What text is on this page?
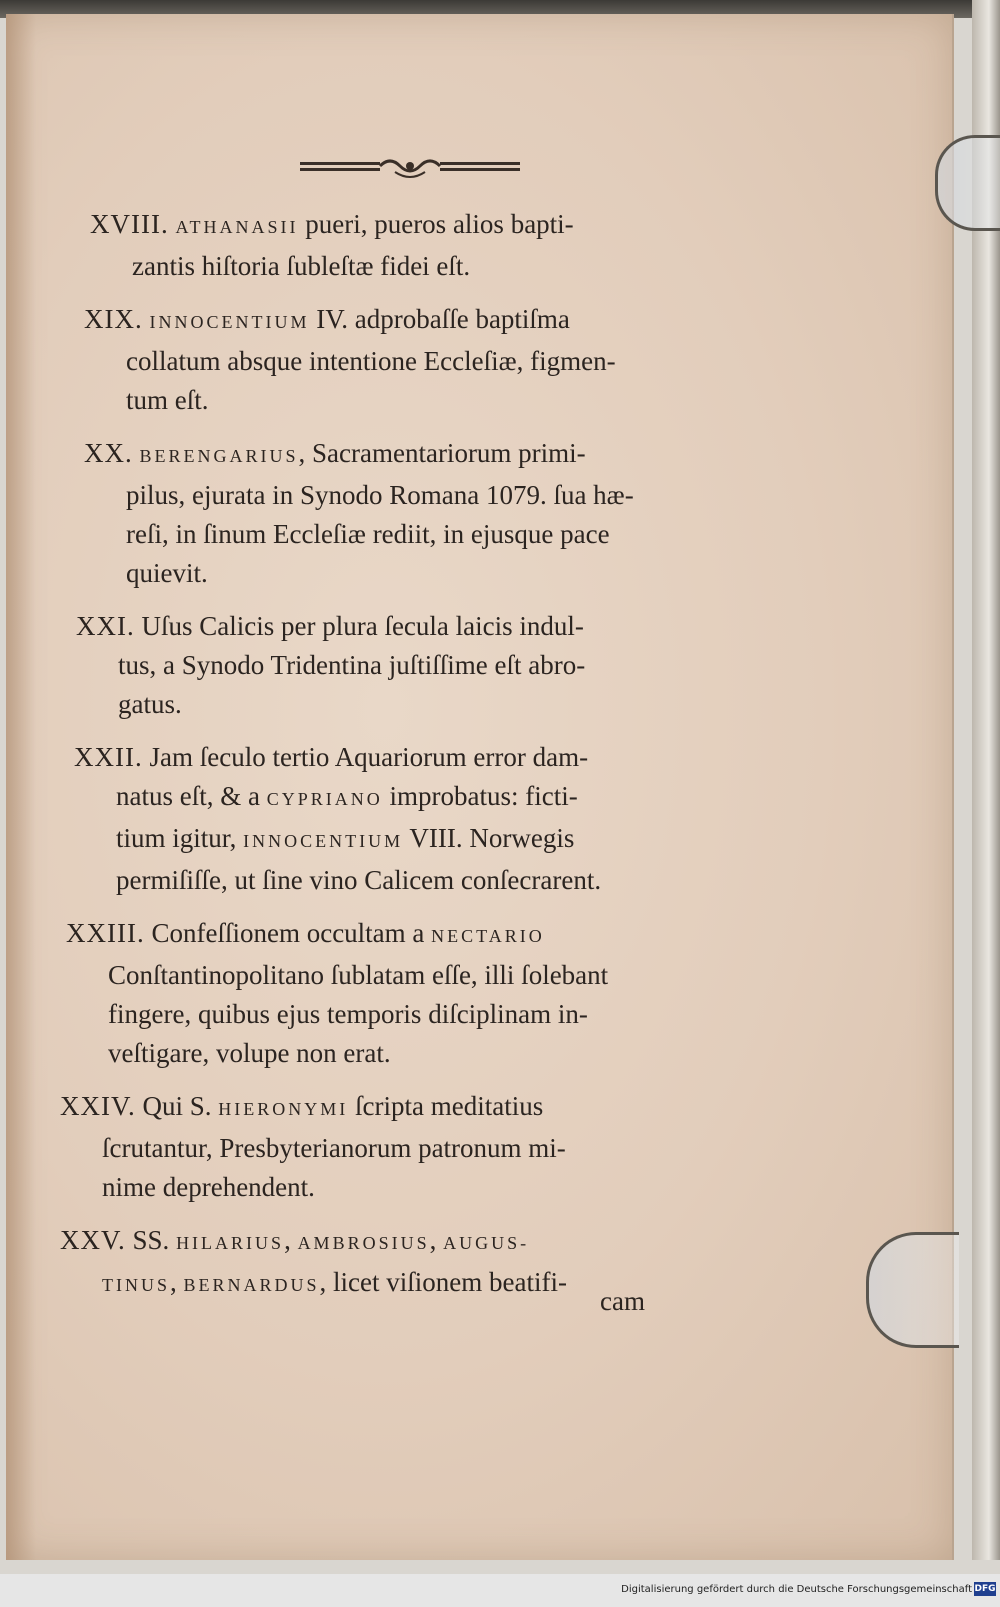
XVIII. ATHANASII pueri, pueros alios bapti-
zantis hiſtoria ſubleſtæ fidei eſt.
XIX. INNOCENTIUM IV. adprobaſſe baptiſma
collatum absque intentione Eccleſiæ, figmen-
tum eſt.
XX. BERENGARIUS, Sacramentariorum primi-
pilus, ejurata in Synodo Romana 1079. ſua hæ-
reſi, in ſinum Eccleſiæ rediit, in ejusque pace
quievit.
XXI. Uſus Calicis per plura ſecula laicis indul-
tus, a Synodo Tridentina juſtiſſime eſt abro-
gatus.
XXII. Jam ſeculo tertio Aquariorum error dam-
natus eſt, & a CYPRIANO improbatus: ficti-
tium igitur, INNOCENTIUM VIII. Norwegis
permiſiſſe, ut ſine vino Calicem conſecrarent.
XXIII. Confeſſionem occultam a NECTARIO
Conſtantinopolitano ſublatam eſſe, illi ſolebant
fingere, quibus ejus temporis diſciplinam in-
veſtigare, volupe non erat.
XXIV. Qui S. HIERONYMI ſcripta meditatius
ſcrutantur, Presbyterianorum patronum mi-
nime deprehendent.
XXV. SS. HILARIUS, AMBROSIUS, AUGUS-
TINUS, BERNARDUS, licet viſionem beatifi-
cam
Digitalisierung gefördert durch die Deutsche Forschungsgemeinschaft DFG
